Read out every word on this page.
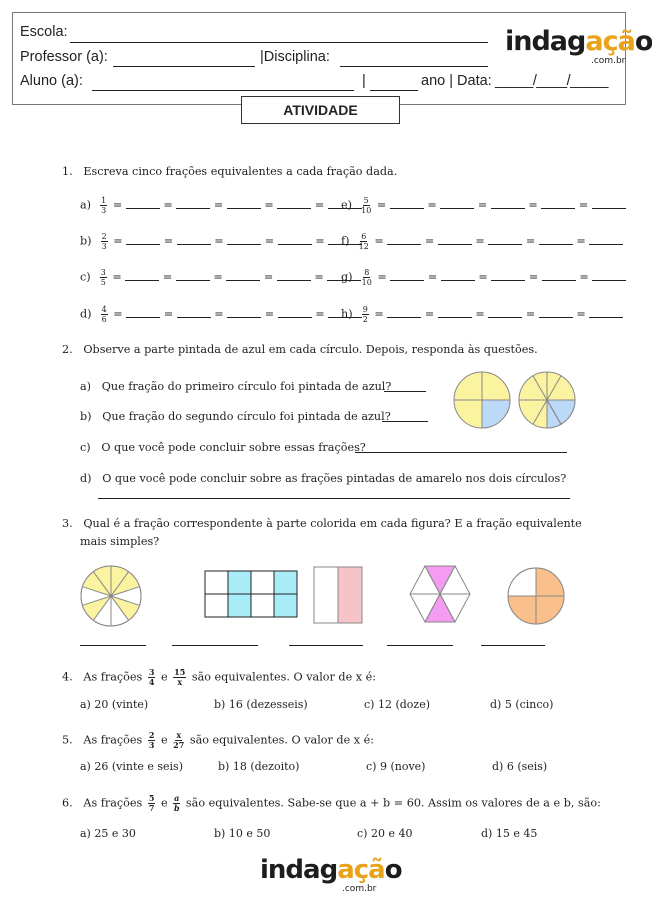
Escola:
Professor (a):	|Disciplina:
Aluno (a):	|	ano | Data: _____/____/_____
indagação
.com.br
ATIVIDADE
1. Escreva cinco frações equivalentes a cada fração dada.
$a) \frac{1}{3}$ =	=	=	=	=
$b) \frac{2}{3}$ =	=	=	=	=
$c) \frac{3}{5}$ =	=	=	=	=
$d) \frac{4}{6}$ =	=	=	=	=
$e) \frac{5}{10}$ =	=	=	=	=
$f) \frac{6}{12}$ =	=	=	=	=
$g) \frac{8}{10}$ =	=	=	=	=
$h) \frac{9}{2}$ =	=	=	=	=
2. Observe a parte pintada de azul em cada círculo. Depois, responda às questões.
a) Que fração do primeiro círculo foi pintada de azul?
b) Que fração do segundo círculo foi pintada de azul?
c) O que você pode concluir sobre essas frações?
d) O que você pode concluir sobre as frações pintadas de amarelo nos dois círculos?
3. Qual é a fração correspondente à parte colorida em cada figura? E a fração equivalente
mais simples?
4. As frações $\frac{3}{4}$ e $\frac{15}{x}$ são equivalentes. O valor de x é:
a) 20 (vinte)	b) 16 (dezesseis)	c) 12 (doze)	d) 5 (cinco)
5. As frações $\frac{2}{3}$ e $\frac{x}{27}$ são equivalentes. O valor de x é:
a) 26 (vinte e seis)	b) 18 (dezoito)	c) 9 (nove)	d) 6 (seis)
6. As frações $\frac{5}{7}$ e $\frac{a}{b}$ são equivalentes. Sabe-se que a + b = 60. Assim os valores de a e b, são:
a) 25 e 30	b) 10 e 50	c) 20 e 40	d) 15 e 45
indagação
.com.br
